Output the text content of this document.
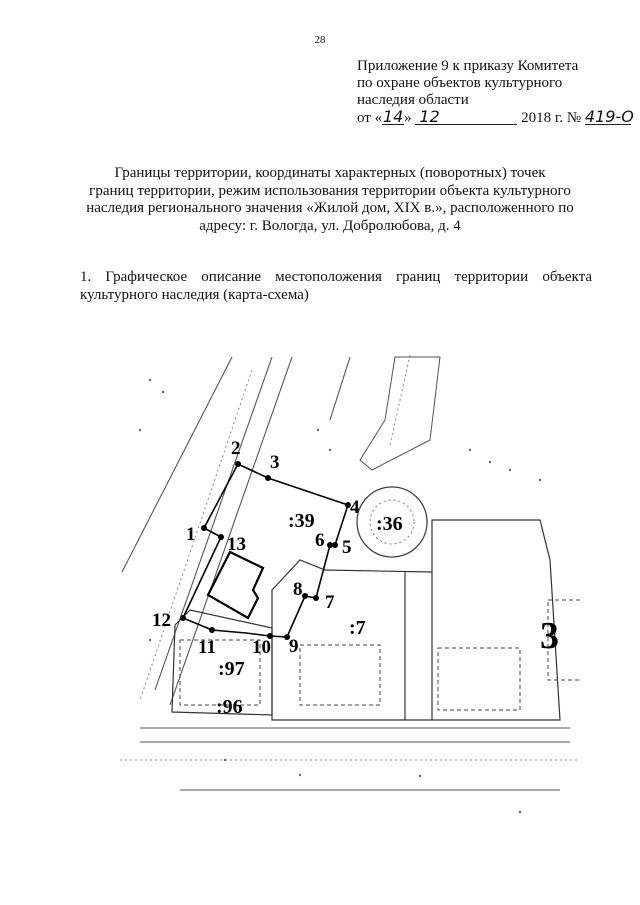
28
Приложение 9 к приказу Комитета
по охране объектов культурного
наследия области
от «14» 12	2018 г. № 419-О
Границы территории, координаты характерных (поворотных) точек
границ территории, режим использования территории объекта культурного
наследия регионального значения «Жилой дом, XIX в.», расположенного по
адресу: г. Вологда, ул. Добролюбова, д. 4
1. Графическое описание местоположения границ территории объекта
культурного наследия (карта-схема)
1
2
3
4
5
6
7
8
9
10
11
12
13
:39	:36
:7
:97
:96
3
